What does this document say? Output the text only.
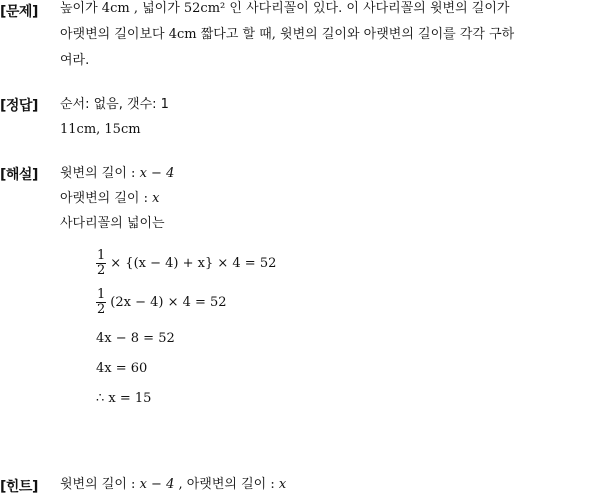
[문제] 높이가 4cm , 넓이가 52cm² 인 사다리꼴이 있다. 이 사다리꼴의 윗변의 길이가
아랫변의 길이보다 4cm 짧다고 할 때, 윗변의 길이와 아랫변의 길이를 각각 구하
여라.
[정답] 순서: 없음, 갯수: 1
11cm, 15cm
[해설] 윗변의 길이 : x − 4
아랫변의 길이 : x
사다리꼴의 넓이는
$\frac{1}{2} \times \{(x - 4) + x\} \times 4 = 52$
$\frac{1}{2} (2x - 4) \times 4 = 52$
4x − 8 = 52
4x = 60
∴ x = 15
[힌트] 윗변의 길이 : x − 4 , 아랫변의 길이 : x
